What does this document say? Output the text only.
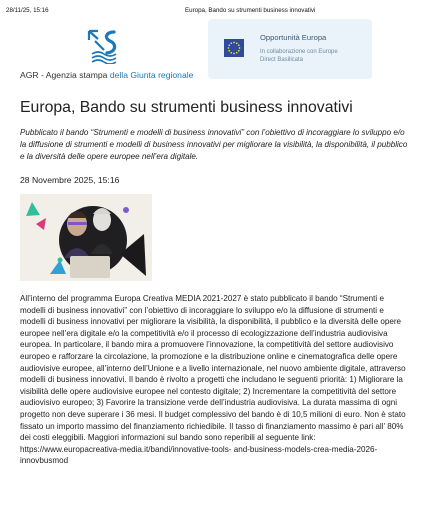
28/11/25, 15:16	Europa, Bando su strumenti business innovativi
AGR - Agenzia stampa della Giunta regionale
Opportunità Europa
In collaborazione con Europe
Direct Basilicata
Europa, Bando su strumenti business innovativi

Pubblicato il bando “Strumenti e modelli di business innovativi” con l’obiettivo di incoraggiare lo sviluppo e/o la diffusione di strumenti e modelli di business innovativi per migliorare la visibilità, la disponibilità, il pubblico e la diversità delle opere europee nell’era digitale.

28 Novembre 2025, 15:16

All’interno del programma Europa Creativa MEDIA 2021-2027 è stato pubblicato il bando “Strumenti e modelli di business innovativi” con l’obiettivo di incoraggiare lo sviluppo e/o la diffusione di strumenti e modelli di business innovativi per migliorare la visibilità, la disponibilità, il pubblico e la diversità delle opere europee nell’era digitale e/o la competitività e/o il processo di ecologizzazione dell’industria audiovisiva europea. In particolare, il bando mira a promuovere l’innovazione, la competitività del settore audiovisivo europeo e rafforzare la circolazione, la promozione e la distribuzione online e cinematografica delle opere audiovisive europee, all’interno dell’Unione e a livello internazionale, nel nuovo ambiente digitale, attraverso modelli di business innovativi. Il bando è rivolto a progetti che includano le seguenti priorità: 1) Migliorare la visibilità delle opere audiovisive europee nel contesto digitale; 2) Incrementare la competitività del settore audiovisivo europeo; 3) Favorire la transizione verde dell’industria audiovisiva. La durata massima di ogni progetto non deve superare i 36 mesi. Il budget complessivo del bando è di 10,5 milioni di euro. Non è stato fissato un importo massimo del finanziamento richiedibile. Il tasso di finanziamento massimo è pari all’ 80% dei costi eleggibili. Maggiori informazioni sul bando sono reperibili al seguente link: https://www.europacreativa-media.it/bandi/innovative-tools- and-business-models-crea-media-2026-innovbusmod
